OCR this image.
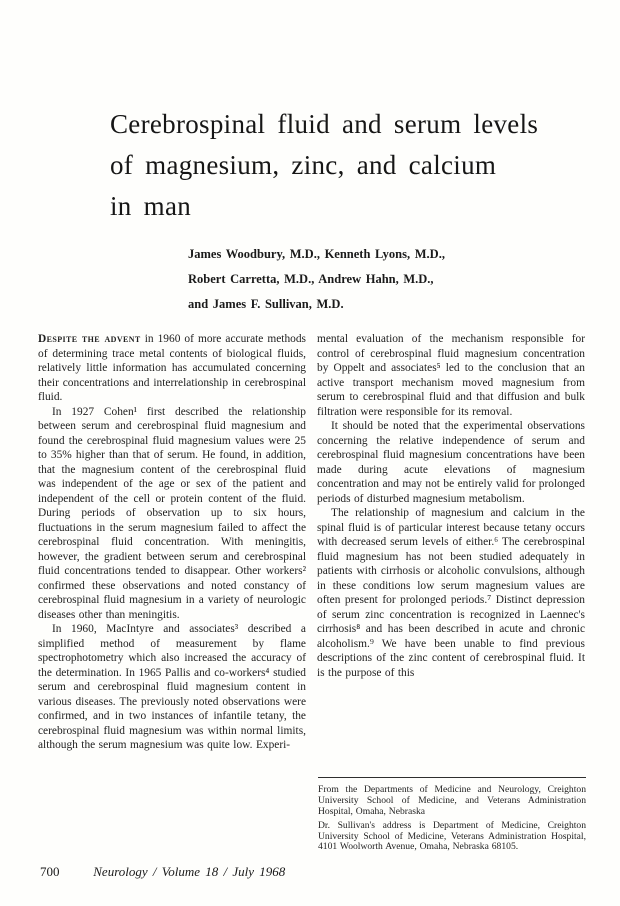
Cerebrospinal fluid and serum levels
of magnesium, zinc, and calcium
in man
James Woodbury, M.D., Kenneth Lyons, M.D.,
Robert Carretta, M.D., Andrew Hahn, M.D.,
and James F. Sullivan, M.D.

Despite the advent in 1960 of more accurate methods of determining trace metal contents of biological fluids, relatively little information has accumulated concerning their concentrations and interrelationship in cerebrospinal fluid.

In 1927 Cohen¹ first described the relationship between serum and cerebrospinal fluid magnesium and found the cerebrospinal fluid magnesium values were 25 to 35% higher than that of serum. He found, in addition, that the magnesium content of the cerebrospinal fluid was independent of the age or sex of the patient and independent of the cell or protein content of the fluid. During periods of observation up to six hours, fluctuations in the serum magnesium failed to affect the cerebrospinal fluid concentration. With meningitis, however, the gradient between serum and cerebrospinal fluid concentrations tended to disappear. Other workers² confirmed these observations and noted constancy of cerebrospinal fluid magnesium in a variety of neurologic diseases other than meningitis.

In 1960, MacIntyre and associates³ described a simplified method of measurement by flame spectrophotometry which also increased the accuracy of the determination. In 1965 Pallis and co-workers⁴ studied serum and cerebrospinal fluid magnesium content in various diseases. The previously noted observations were confirmed, and in two instances of infantile tetany, the cerebrospinal fluid magnesium was within normal limits, although the serum magnesium was quite low. Experi-

mental evaluation of the mechanism responsible for control of cerebrospinal fluid magnesium concentration by Oppelt and associates⁵ led to the conclusion that an active transport mechanism moved magnesium from serum to cerebrospinal fluid and that diffusion and bulk filtration were responsible for its removal.

It should be noted that the experimental observations concerning the relative independence of serum and cerebrospinal fluid magnesium concentrations have been made during acute elevations of magnesium concentration and may not be entirely valid for prolonged periods of disturbed magnesium metabolism.

The relationship of magnesium and calcium in the spinal fluid is of particular interest because tetany occurs with decreased serum levels of either.⁶ The cerebrospinal fluid magnesium has not been studied adequately in patients with cirrhosis or alcoholic convulsions, although in these conditions low serum magnesium values are often present for prolonged periods.⁷ Distinct depression of serum zinc concentration is recognized in Laennec's cirrhosis⁸ and has been described in acute and chronic alcoholism.⁹ We have been unable to find previous descriptions of the zinc content of cerebrospinal fluid. It is the purpose of this

From the Departments of Medicine and Neurology, Creighton University School of Medicine, and Veterans Administration Hospital, Omaha, Nebraska

Dr. Sullivan's address is Department of Medicine, Creighton University School of Medicine, Veterans Administration Hospital, 4101 Woolworth Avenue, Omaha, Nebraska 68105.

700	Neurology / Volume 18 / July 1968
